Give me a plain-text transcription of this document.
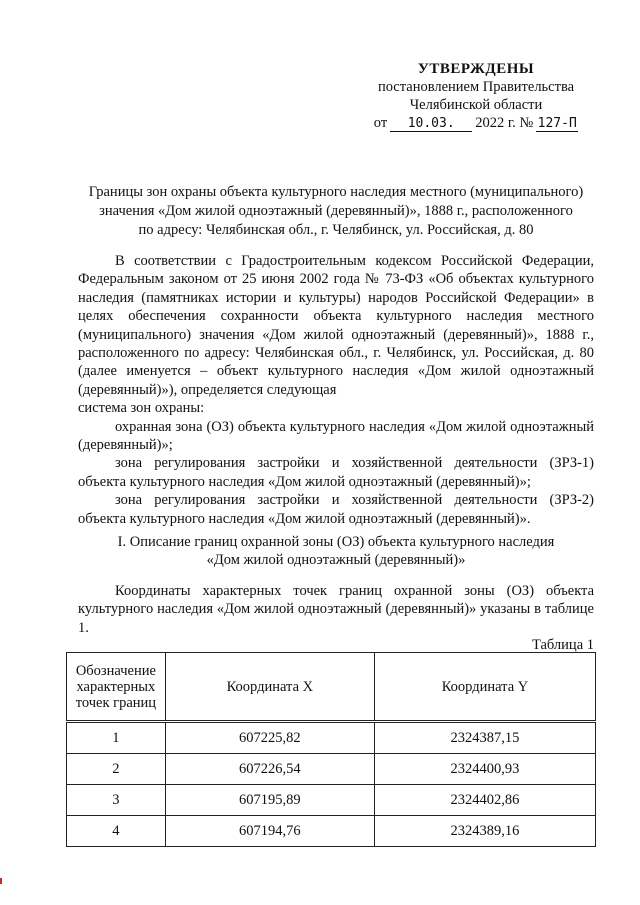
УТВЕРЖДЕНЫ
постановлением Правительства
Челябинской области
от	10.03.	2022 г. № 127-П
Границы зон охраны объекта культурного наследия местного (муниципального)
значения «Дом жилой одноэтажный (деревянный)», 1888 г., расположенного
по адресу: Челябинская обл., г. Челябинск, ул. Российская, д. 80

В соответствии с Градостроительным кодексом Российской Федерации, Федеральным законом от 25 июня 2002 года № 73-ФЗ «Об объектах культурного наследия (памятниках истории и культуры) народов Российской Федерации» в целях обеспечения сохранности объекта культурного наследия местного (муниципального) значения «Дом жилой одноэтажный (деревянный)», 1888 г., расположенного по адресу: Челябинская обл., г. Челябинск, ул. Российская, д. 80 (далее именуется – объект культурного наследия «Дом жилой одноэтажный (деревянный)»), определяется следующая

система зон охраны:

охранная зона (ОЗ) объекта культурного наследия «Дом жилой одноэтажный (деревянный)»;

зона регулирования застройки и хозяйственной деятельности (ЗРЗ-1) объекта культурного наследия «Дом жилой одноэтажный (деревянный)»;

зона регулирования застройки и хозяйственной деятельности (ЗРЗ-2) объекта культурного наследия «Дом жилой одноэтажный (деревянный)».

I. Описание границ охранной зоны (ОЗ) объекта культурного наследия
«Дом жилой одноэтажный (деревянный)»

Координаты характерных точек границ охранной зоны (ОЗ) объекта культурного наследия «Дом жилой одноэтажный (деревянный)» указаны в таблице 1.

Таблица 1
Обозначение характерных точек границ	Координата X	Координата Y
1	607225,82	2324387,15
2	607226,54	2324400,93
3	607195,89	2324402,86
4	607194,76	2324389,16
